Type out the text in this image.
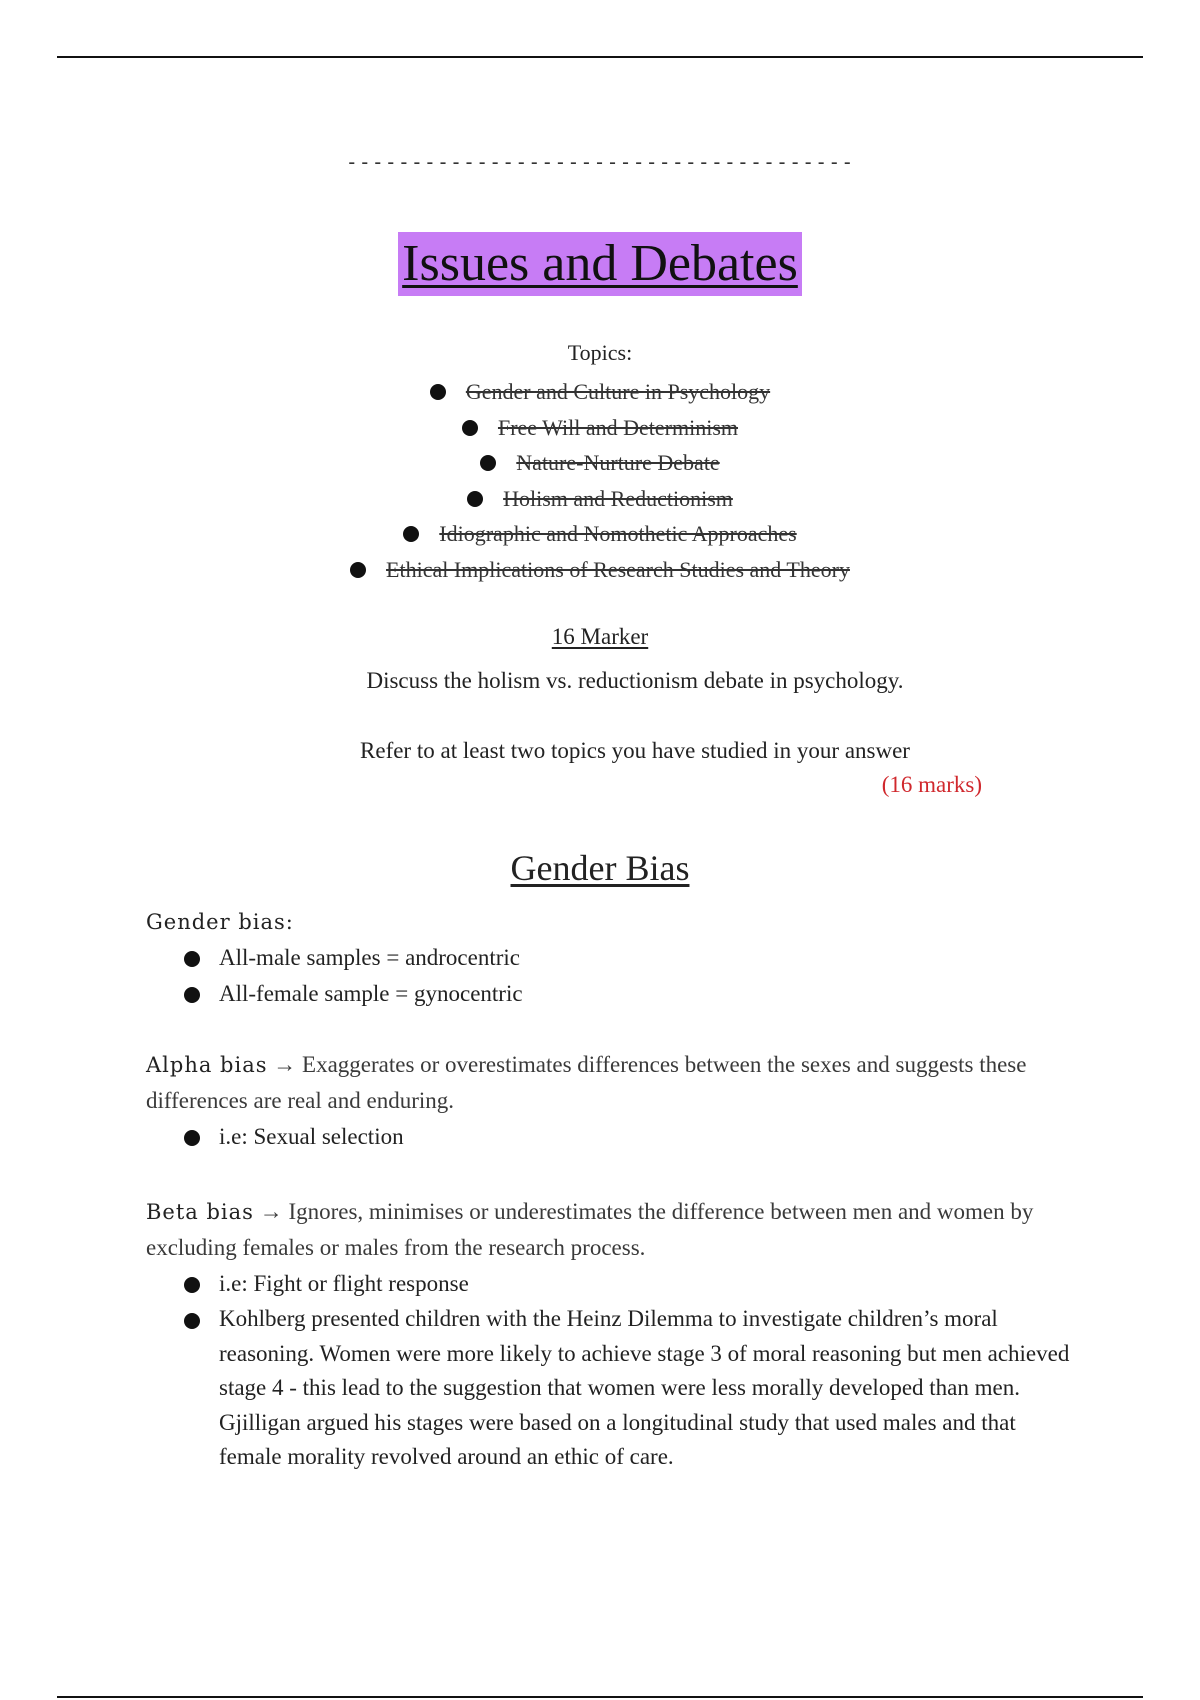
---------------------------------------
Issues and Debates
Topics:
Gender and Culture in Psychology
Free Will and Determinism
Nature-Nurture Debate
Holism and Reductionism
Idiographic and Nomothetic Approaches
Ethical Implications of Research Studies and Theory
16 Marker
Discuss the holism vs. reductionism debate in psychology.
Refer to at least two topics you have studied in your answer
(16 marks)
Gender Bias
Gender bias:
All-male samples = androcentric
All-female sample = gynocentric
Alpha bias → Exaggerates or overestimates differences between the sexes and suggests these differences are real and enduring.
i.e: Sexual selection
Beta bias → Ignores, minimises or underestimates the difference between men and women by excluding females or males from the research process.
i.e: Fight or flight response
Kohlberg presented children with the Heinz Dilemma to investigate children’s moral reasoning. Women were more likely to achieve stage 3 of moral reasoning but men achieved stage 4 - this lead to the suggestion that women were less morally developed than men. Gjilligan argued his stages were based on a longitudinal study that used males and that female morality revolved around an ethic of care.
